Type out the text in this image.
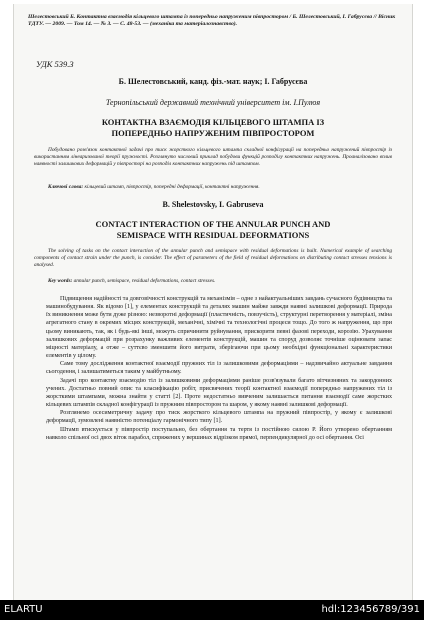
Шелестовський Б. Контактна взаємодія кільцевого штампа із попередньо напруженим півпростором / Б. Шелестовський, І. Габрусєва // Вісник ТДТУ. — 2009. — Том 14. — № 3. — С. 48-53. — (механіка та матеріалознавство).
УДК 539.3
Б. Шелестовський, канд. фіз.-мат. наук; І. Габрусєва
Тернопільський державний технічний університет ім. І.Пулюя
КОНТАКТНА ВЗАЄМОДІЯ КІЛЬЦЕВОГО ШТАМПА ІЗ
ПОПЕРЕДНЬО НАПРУЖЕНИМ ПІВПРОСТОРОМ
Побудовано розв'язок контактної задачі про тиск жорсткого кільцевого штампа складної конфігурації на попередньо напружений півпростір із використанням лінеаризованої теорії пружності. Розглянуто числовий приклад побудови функцій розподілу контактних напружень. Проаналізовано вплив наявності залишкових деформацій у півпросторі на розподіл контактних напружень під штампом.
Ключові слова: кільцевий штамп, півпростір, попередні деформації, контактні напруження.
B. Shelestovsky, I. Gabruseva
CONTACT INTERACTION OF THE ANNULAR PUNCH AND
SEMISPACE WITH RESIDUAL DEFORMATIONS
The solving of tasks on the contact interaction of the annular punch and semispace with residual deformations is built. Numerical example of searching components of contact strain under the punch, is consider. The effect of parameters of the field of residual deformations on distributing contact stresses tensions is analysed.
Key words: annular punch, semispace, residual deformations, contact stresses.

Підвищення надійності та довговічності конструкцій та механізмів – одне з найактуальніших завдань сучасного будівництва та машинобудування. Як відомо [1], у елементах конструкцій та деталях машин майже завжди наявні залишкові деформації. Природа їх виникнення може бути дуже різною: незворотні деформації (пластичність, повзучість), структурні перетворення у матеріалі, зміна агрегатного стану в окремих місцях конструкцій, механічні, хімічні та технологічні процеси тощо. До того ж напруження, що при цьому виникають, так, як і будь-які інші, можуть спричинити руйнування, прискорити певні фазові переходи, корозію. Урахування залишкових деформацій при розрахунку важливих елементів конструкцій, машин та споруд дозволяє точніше оцінювати запас міцності матеріалу, а отже – суттєво зменшити його витрати, зберігаючи при цьому необхідні функціональні характеристики елементів у цілому.

Саме тому дослідження контактної взаємодії пружних тіл із залишковими деформаціями – надзвичайно актуальне завдання сьогодення, і залишатиметься таким у майбутньому.

Задачі про контактну взаємодію тіл із залишковими деформаціями раніше розв'язували багато вітчизняних та закордонних учених. Достатньо повний опис та класифікацію робіт, присвячених теорії контактної взаємодії попередньо напружених тіл із жорсткими штампами, можна знайти у статті [2]. Проте недостатньо вивченим залишається питання взаємодії саме жорстких кільцевих штампів складної конфігурації із пружним півпростором та шаром, у якому наявні залишкові деформації.

Розглянемо осесиметричну задачу про тиск жорсткого кільцевого штампа на пружний півпростір, у якому є залишкові деформації, зумовлені наявністю потенціалу гармонічного типу [1].

Штамп втискується у півпростір поступально, без обертання та тертя із постійною силою P. Його утворено обертанням навколо спільної осі двох віток парабол, спряжених у вершинах відрізком прямої, перпендикулярної до осі обертання. Осі

ELARTU	hdl:123456789/391
